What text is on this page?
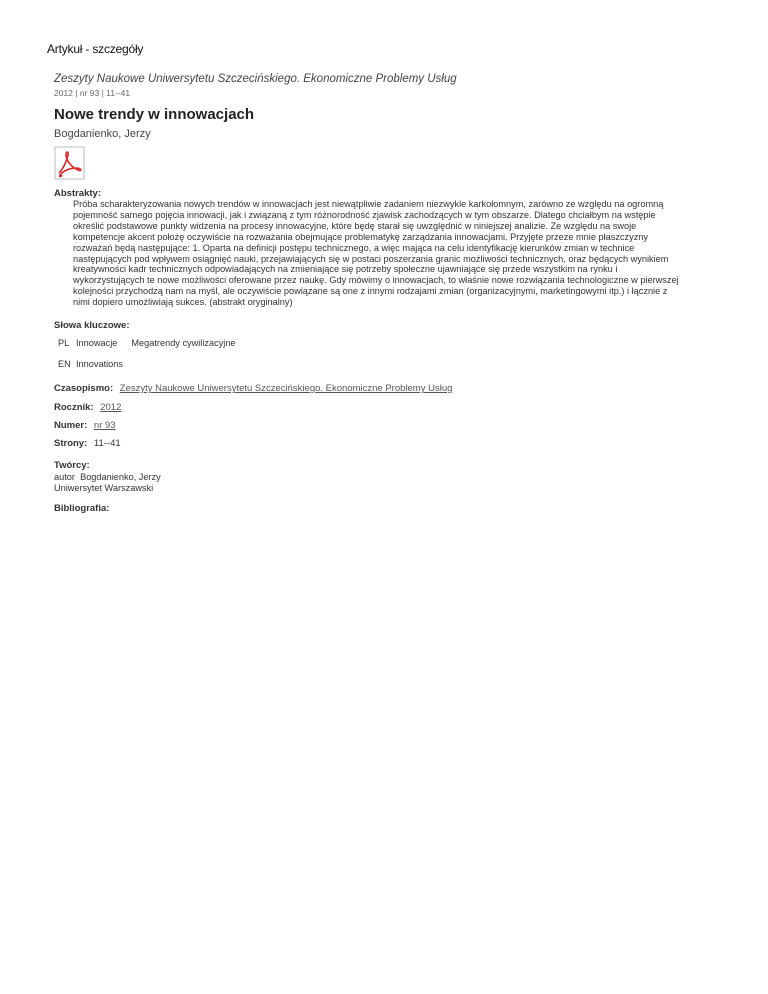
Artykuł - szczegóły
Zeszyty Naukowe Uniwersytetu Szczecińskiego. Ekonomiczne Problemy Usług
2012 | nr 93 | 11--41
Nowe trendy w innowacjach
Bogdanienko, Jerzy
Abstrakty:
Próba scharakteryzowania nowych trendów w innowacjach jest niewątpliwie zadaniem niezwykle karkołomnym, zarówno ze względu na ogromną
pojemność samego pojęcia innowacji, jak i związaną z tym różnorodność zjawisk zachodzących w tym obszarze. Dlatego chciałbym na wstępie
określić podstawowe punkty widzenia na procesy innowacyjne, które będę starał się uwzględnić w niniejszej analizie. Ze względu na swoje
kompetencje akcent położę oczywiście na rozważania obejmujące problematykę zarządzania innowacjami. Przyjęte przeze mnie płaszczyzny
rozważań będą następujące: 1. Oparta na definicji postępu technicznego, a więc mająca na celu identyfikację kierunków zmian w technice
następujących pod wpływem osiągnięć nauki, przejawiających się w postaci poszerzania granic możliwości technicznych, oraz będących wynikiem
kreatywności kadr technicznych odpowiadających na zmieniające się potrzeby społeczne ujawniające się przede wszystkim na rynku i
wykorzystujących te nowe możliwości oferowane przez naukę. Gdy mówimy o innowacjach, to właśnie nowe rozwiązania technologiczne w pierwszej
kolejności przychodzą nam na myśl, ale oczywiście powiązane są one z innymi rodzajami zmian (organizacyjnymi, marketingowymi itp.) i łącznie z
nimi dopiero umożliwiają sukces. (abstrakt oryginalny)
Słowa kluczowe:
PL Innowacje Megatrendy cywilizacyjne
EN Innovations
Czasopismo: Zeszyty Naukowe Uniwersytetu Szczecińskiego. Ekonomiczne Problemy Usług
Rocznik: 2012
Numer: nr 93
Strony: 11--41
Twórcy:
autor Bogdanienko, Jerzy
Uniwersytet Warszawski
Bibliografia:
